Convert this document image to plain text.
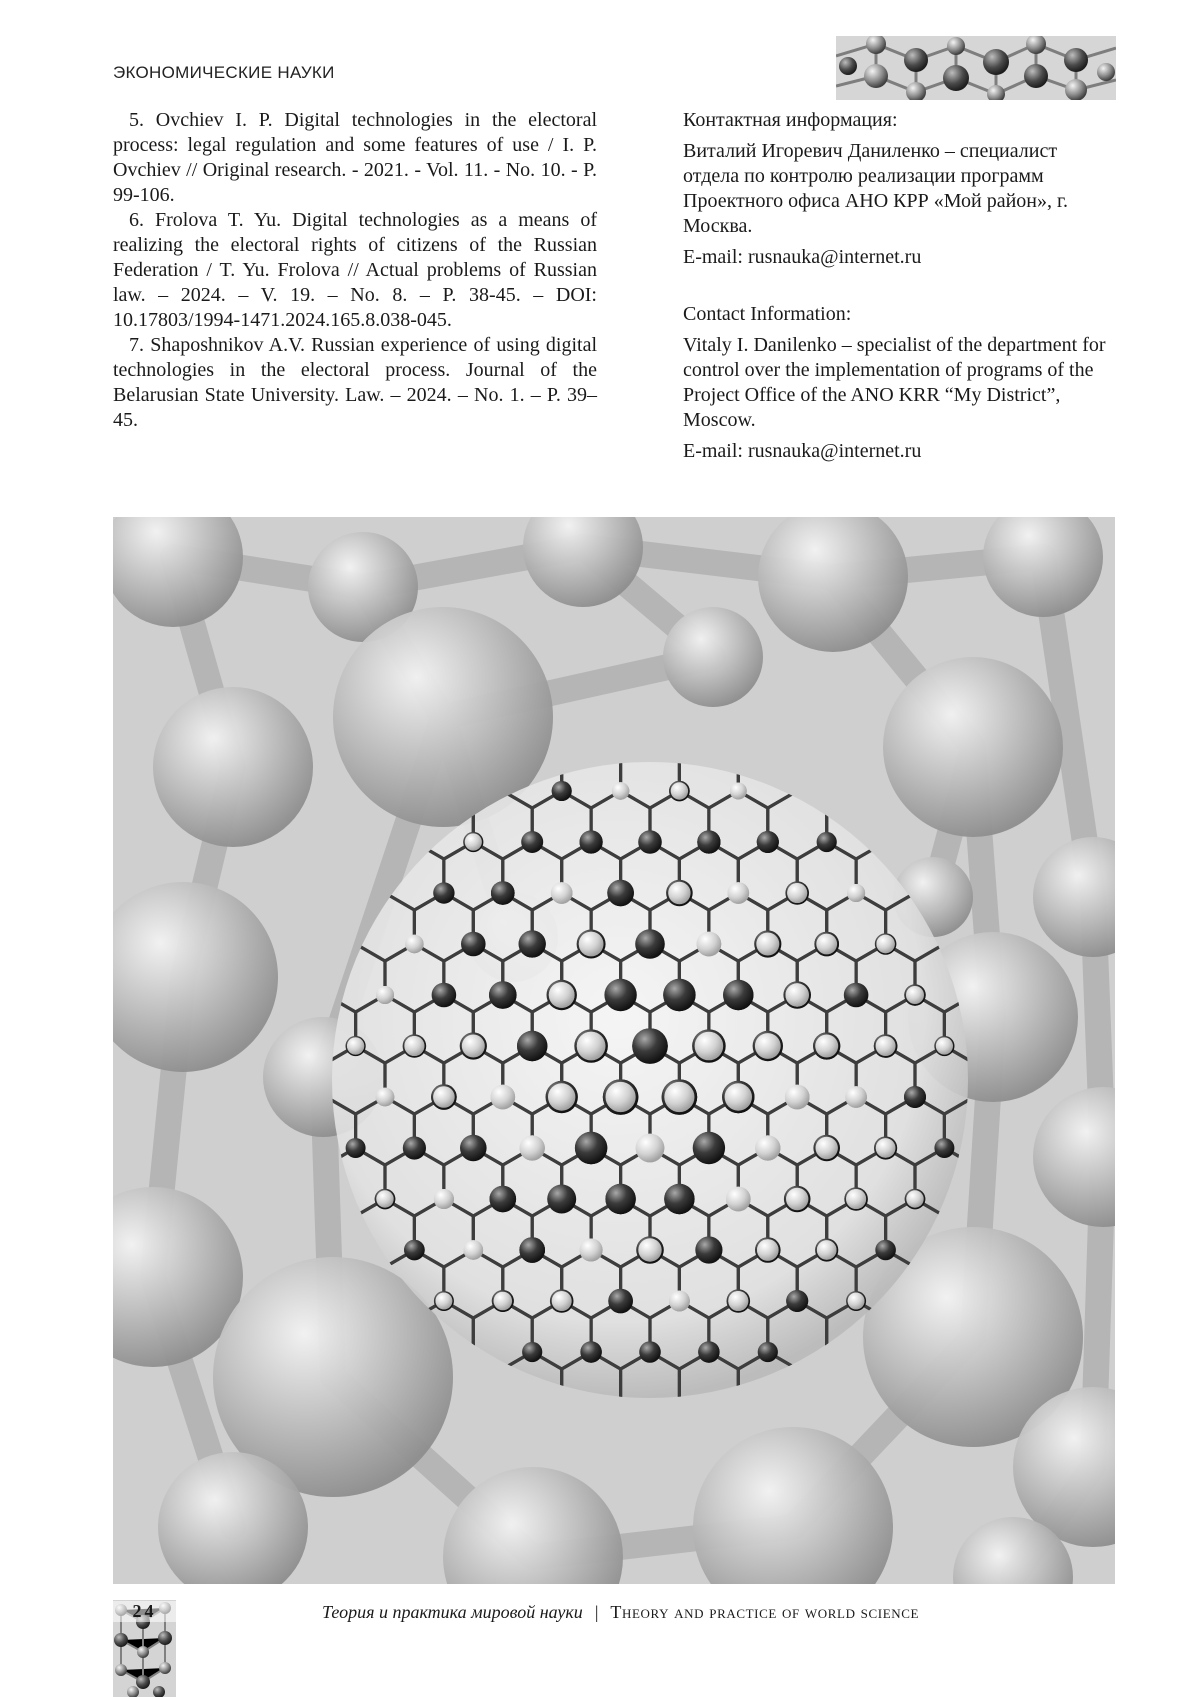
ЭКОНОМИЧЕСКИЕ НАУКИ

5. Ovchiev I. P. Digital technologies in the electoral process: legal regulation and some features of use / I. P. Ovchiev // Original research. - 2021. - Vol. 11. - No. 10. - P. 99-106.

6. Frolova T. Yu. Digital technologies as a means of realizing the electoral rights of citizens of the Russian Federation / T. Yu. Frolova // Actual problems of Russian law. – 2024. – V. 19. – No. 8. – P. 38-45. – DOI: 10.17803/1994-1471.2024.165.8.038-045.

7. Shaposhnikov A.V. Russian experience of using digital technologies in the electoral process. Journal of the Belarusian State University. Law. – 2024. – No. 1. – P. 39–45.

Контактная информация:

Виталий Игоревич Даниленко – специалист отдела по контролю реализации программ Проектного офиса АНО КРР «Мой район», г. Москва.

E-mail: rusnauka@internet.ru

Contact Information:

Vitaly I. Danilenko – specialist of the department for control over the implementation of programs of the Project Office of the ANO KRR “My District”, Moscow.

E-mail: rusnauka@internet.ru

24	Теория и практика мировой науки | Theory and practice of world science
